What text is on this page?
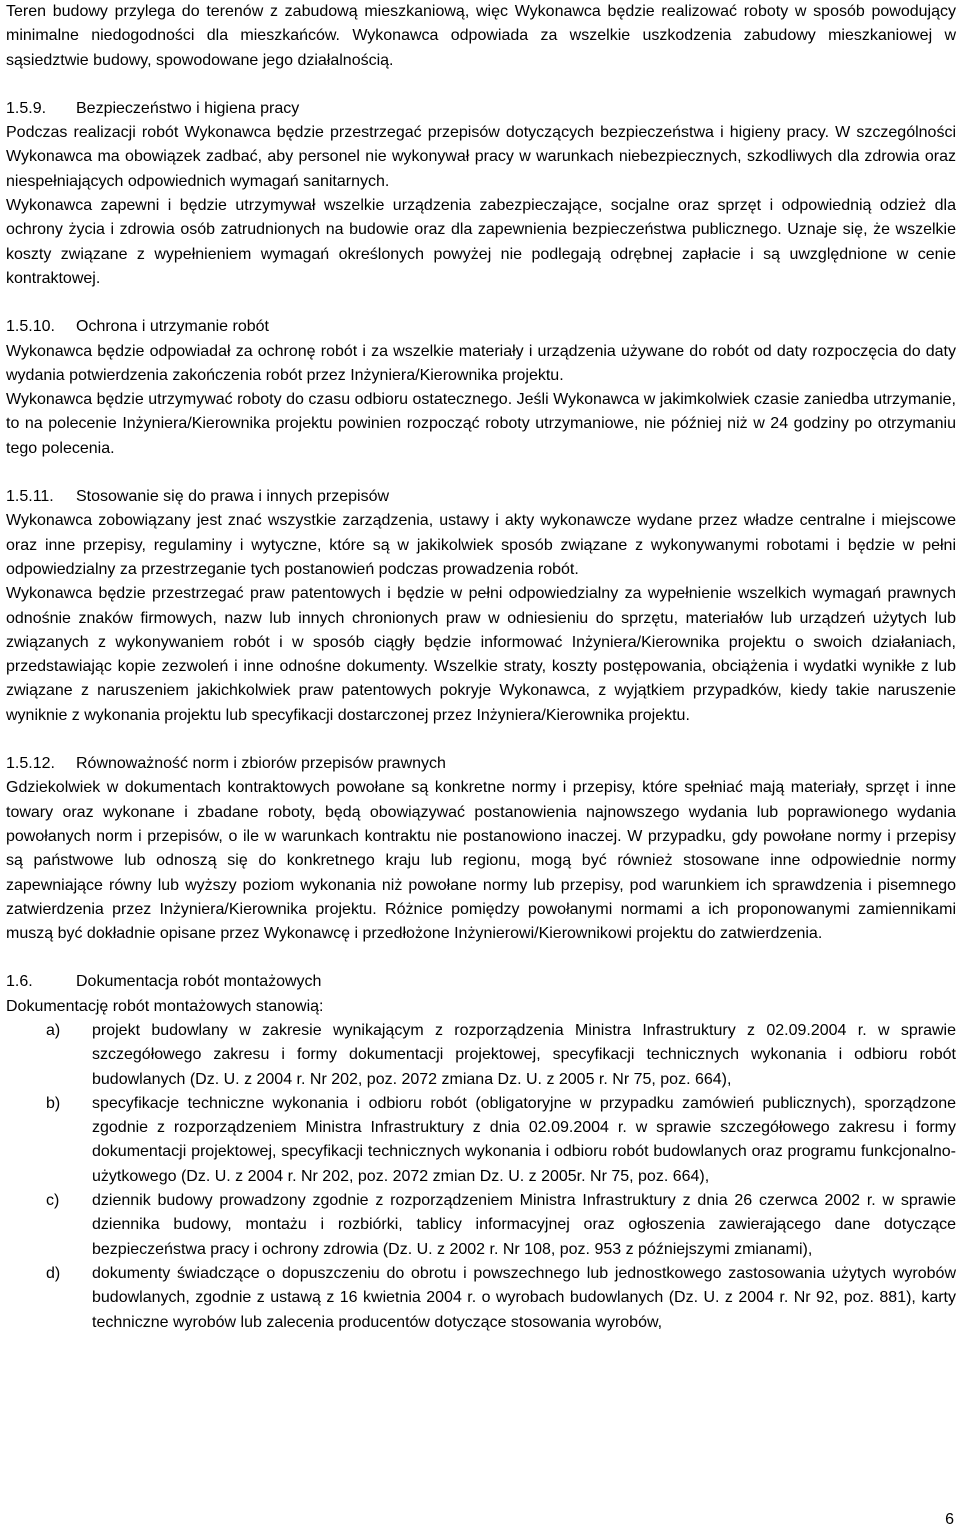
Teren budowy przylega do terenów z zabudową mieszkaniową, więc Wykonawca będzie realizować roboty w sposób powodujący minimalne niedogodności dla mieszkańców. Wykonawca odpowiada za wszelkie uszkodzenia zabudowy mieszkaniowej w sąsiedztwie budowy, spowodowane jego działalnością.

1.5.9. Bezpieczeństwo i higiena pracy

Podczas realizacji robót Wykonawca będzie przestrzegać przepisów dotyczących bezpieczeństwa i higieny pracy. W szczególności Wykonawca ma obowiązek zadbać, aby personel nie wykonywał pracy w warunkach niebezpiecznych, szkodliwych dla zdrowia oraz niespełniających odpowiednich wymagań sanitarnych.

Wykonawca zapewni i będzie utrzymywał wszelkie urządzenia zabezpieczające, socjalne oraz sprzęt i odpowiednią odzież dla ochrony życia i zdrowia osób zatrudnionych na budowie oraz dla zapewnienia bezpieczeństwa publicznego. Uznaje się, że wszelkie koszty związane z wypełnieniem wymagań określonych powyżej nie podlegają odrębnej zapłacie i są uwzględnione w cenie kontraktowej.

1.5.10. Ochrona i utrzymanie robót

Wykonawca będzie odpowiadał za ochronę robót i za wszelkie materiały i urządzenia używane do robót od daty rozpoczęcia do daty wydania potwierdzenia zakończenia robót przez Inżyniera/Kierownika projektu.

Wykonawca będzie utrzymywać roboty do czasu odbioru ostatecznego. Jeśli Wykonawca w jakimkolwiek czasie zaniedba utrzymanie, to na polecenie Inżyniera/Kierownika projektu powinien rozpocząć roboty utrzymaniowe, nie później niż w 24 godziny po otrzymaniu tego polecenia.

1.5.11. Stosowanie się do prawa i innych przepisów

Wykonawca zobowiązany jest znać wszystkie zarządzenia, ustawy i akty wykonawcze wydane przez władze centralne i miejscowe oraz inne przepisy, regulaminy i wytyczne, które są w jakikolwiek sposób związane z wykonywanymi robotami i będzie w pełni odpowiedzialny za przestrzeganie tych postanowień podczas prowadzenia robót.

Wykonawca będzie przestrzegać praw patentowych i będzie w pełni odpowiedzialny za wypełnienie wszelkich wymagań prawnych odnośnie znaków firmowych, nazw lub innych chronionych praw w odniesieniu do sprzętu, materiałów lub urządzeń użytych lub związanych z wykonywaniem robót i w sposób ciągły będzie informować Inżyniera/Kierownika projektu o swoich działaniach, przedstawiając kopie zezwoleń i inne odnośne dokumenty. Wszelkie straty, koszty postępowania, obciążenia i wydatki wynikłe z lub związane z naruszeniem jakichkolwiek praw patentowych pokryje Wykonawca, z wyjątkiem przypadków, kiedy takie naruszenie wyniknie z wykonania projektu lub specyfikacji dostarczonej przez Inżyniera/Kierownika projektu.

1.5.12. Równoważność norm i zbiorów przepisów prawnych

Gdziekolwiek w dokumentach kontraktowych powołane są konkretne normy i przepisy, które spełniać mają materiały, sprzęt i inne towary oraz wykonane i zbadane roboty, będą obowiązywać postanowienia najnowszego wydania lub poprawionego wydania powołanych norm i przepisów, o ile w warunkach kontraktu nie postanowiono inaczej. W przypadku, gdy powołane normy i przepisy są państwowe lub odnoszą się do konkretnego kraju lub regionu, mogą być również stosowane inne odpowiednie normy zapewniające równy lub wyższy poziom wykonania niż powołane normy lub przepisy, pod warunkiem ich sprawdzenia i pisemnego zatwierdzenia przez Inżyniera/Kierownika projektu. Różnice pomiędzy powołanymi normami a ich proponowanymi zamiennikami muszą być dokładnie opisane przez Wykonawcę i przedłożone Inżynierowi/Kierownikowi projektu do zatwierdzenia.

1.6.	Dokumentacja robót montażowych

Dokumentację robót montażowych stanowią:

a)	projekt budowlany w zakresie wynikającym z rozporządzenia Ministra Infrastruktury z 02.09.2004 r. w sprawie szczegółowego zakresu i formy dokumentacji projektowej, specyfikacji technicznych wykonania i odbioru robót budowlanych (Dz. U. z 2004 r. Nr 202, poz. 2072 zmiana Dz. U. z 2005 r. Nr 75, poz. 664),
b)	specyfikacje techniczne wykonania i odbioru robót (obligatoryjne w przypadku zamówień publicznych), sporządzone zgodnie z rozporządzeniem Ministra Infrastruktury z dnia 02.09.2004 r. w sprawie szczegółowego zakresu i formy dokumentacji projektowej, specyfikacji technicznych wykonania i odbioru robót budowlanych oraz programu funkcjonalno-użytkowego (Dz. U. z 2004 r. Nr 202, poz. 2072 zmian Dz. U. z 2005r. Nr 75, poz. 664),
c)	dziennik budowy prowadzony zgodnie z rozporządzeniem Ministra Infrastruktury z dnia 26 czerwca 2002 r. w sprawie dziennika budowy, montażu i rozbiórki, tablicy informacyjnej oraz ogłoszenia zawierającego dane dotyczące bezpieczeństwa pracy i ochrony zdrowia (Dz. U. z 2002 r. Nr 108, poz. 953 z późniejszymi zmianami),
d)	dokumenty świadczące o dopuszczeniu do obrotu i powszechnego lub jednostkowego zastosowania użytych wyrobów budowlanych, zgodnie z ustawą z 16 kwietnia 2004 r. o wyrobach budowlanych (Dz. U. z 2004 r. Nr 92, poz. 881), karty techniczne wyrobów lub zalecenia producentów dotyczące stosowania wyrobów,
6
